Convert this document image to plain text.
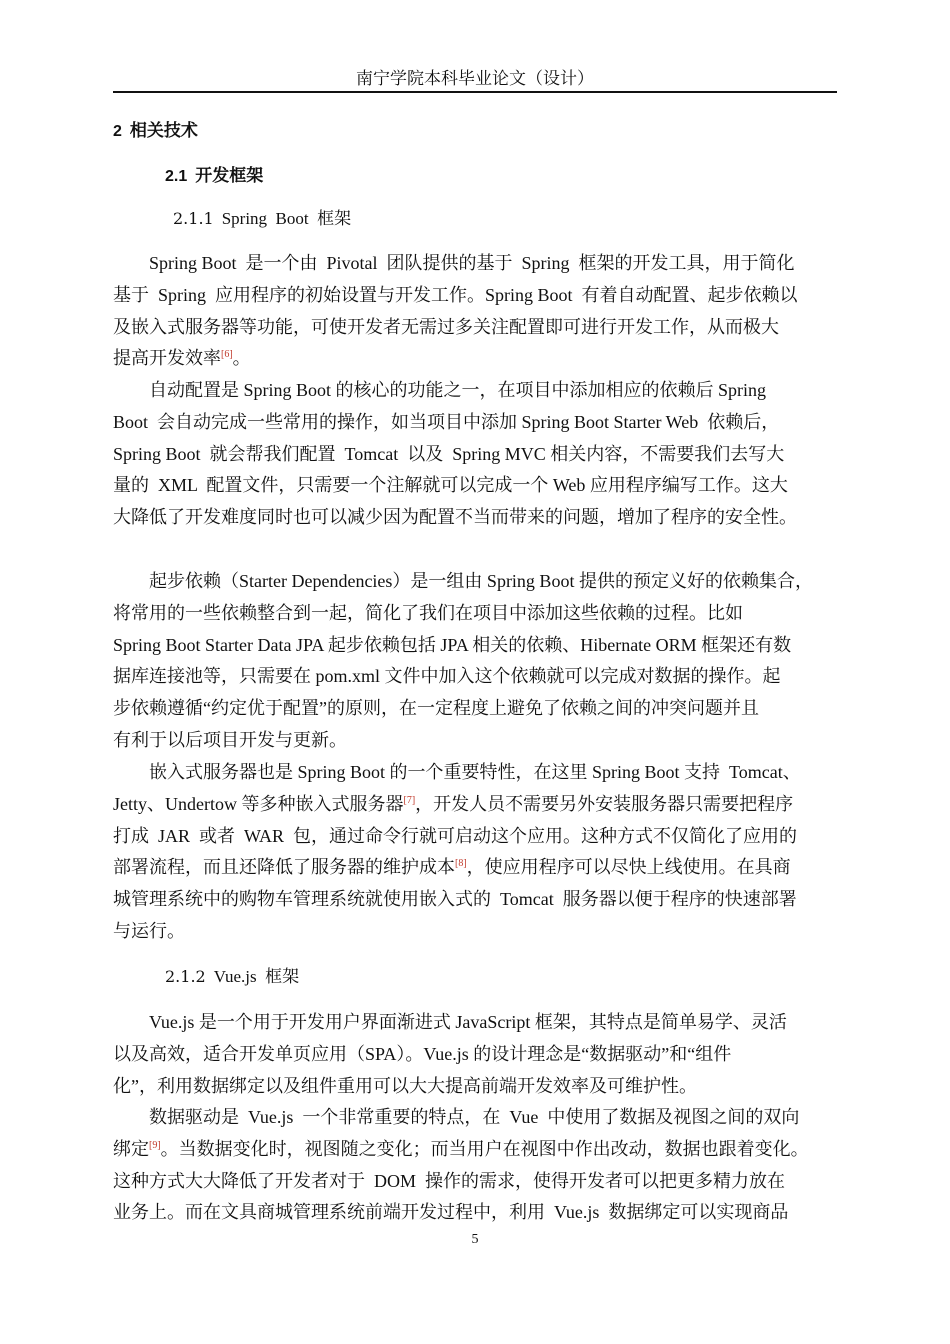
南宁学院本科毕业论文（设计）
2 相关技术
2.1 开发框架
2.1.1 Spring  Boot  框架
Spring Boot  是一个由  Pivotal  团队提供的基于  Spring  框架的开发工具，用于简化
基于  Spring  应用程序的初始设置与开发工作。Spring Boot  有着自动配置、起步依赖以
及嵌入式服务器等功能，可使开发者无需过多关注配置即可进行开发工作，从而极大
提高开发效率[6]。
自动配置是 Spring Boot 的核心的功能之一，在项目中添加相应的依赖后 Spring
Boot  会自动完成一些常用的操作，如当项目中添加 Spring Boot Starter Web  依赖后，
Spring Boot  就会帮我们配置  Tomcat  以及  Spring MVC 相关内容，不需要我们去写大
量的  XML  配置文件，只需要一个注解就可以完成一个 Web 应用程序编写工作。这大
大降低了开发难度同时也可以减少因为配置不当而带来的问题，增加了程序的安全性。
起步依赖（Starter Dependencies）是一组由 Spring Boot 提供的预定义好的依赖集合，
将常用的一些依赖整合到一起，简化了我们在项目中添加这些依赖的过程。比如
Spring Boot Starter Data JPA 起步依赖包括 JPA 相关的依赖、Hibernate ORM 框架还有数
据库连接池等，只需要在 pom.xml 文件中加入这个依赖就可以完成对数据的操作。起
步依赖遵循“约定优于配置”的原则，在一定程度上避免了依赖之间的冲突问题并且
有利于以后项目开发与更新。
嵌入式服务器也是 Spring Boot 的一个重要特性，在这里 Spring Boot 支持  Tomcat、
Jetty、Undertow 等多种嵌入式服务器[7]，开发人员不需要另外安装服务器只需要把程序
打成  JAR  或者  WAR  包，通过命令行就可启动这个应用。这种方式不仅简化了应用的
部署流程，而且还降低了服务器的维护成本[8]，使应用程序可以尽快上线使用。在具商
城管理系统中的购物车管理系统就使用嵌入式的  Tomcat  服务器以便于程序的快速部署
与运行。
2.1.2 Vue.js  框架
Vue.js 是一个用于开发用户界面渐进式 JavaScript 框架，其特点是简单易学、灵活
以及高效，适合开发单页应用（SPA）。Vue.js 的设计理念是“数据驱动”和“组件
化”，利用数据绑定以及组件重用可以大大提高前端开发效率及可维护性。
数据驱动是  Vue.js  一个非常重要的特点，在  Vue  中使用了数据及视图之间的双向
绑定[9]。当数据变化时，视图随之变化；而当用户在视图中作出改动，数据也跟着变化。
这种方式大大降低了开发者对于  DOM  操作的需求，使得开发者可以把更多精力放在
业务上。而在文具商城管理系统前端开发过程中，利用  Vue.js  数据绑定可以实现商品
5
